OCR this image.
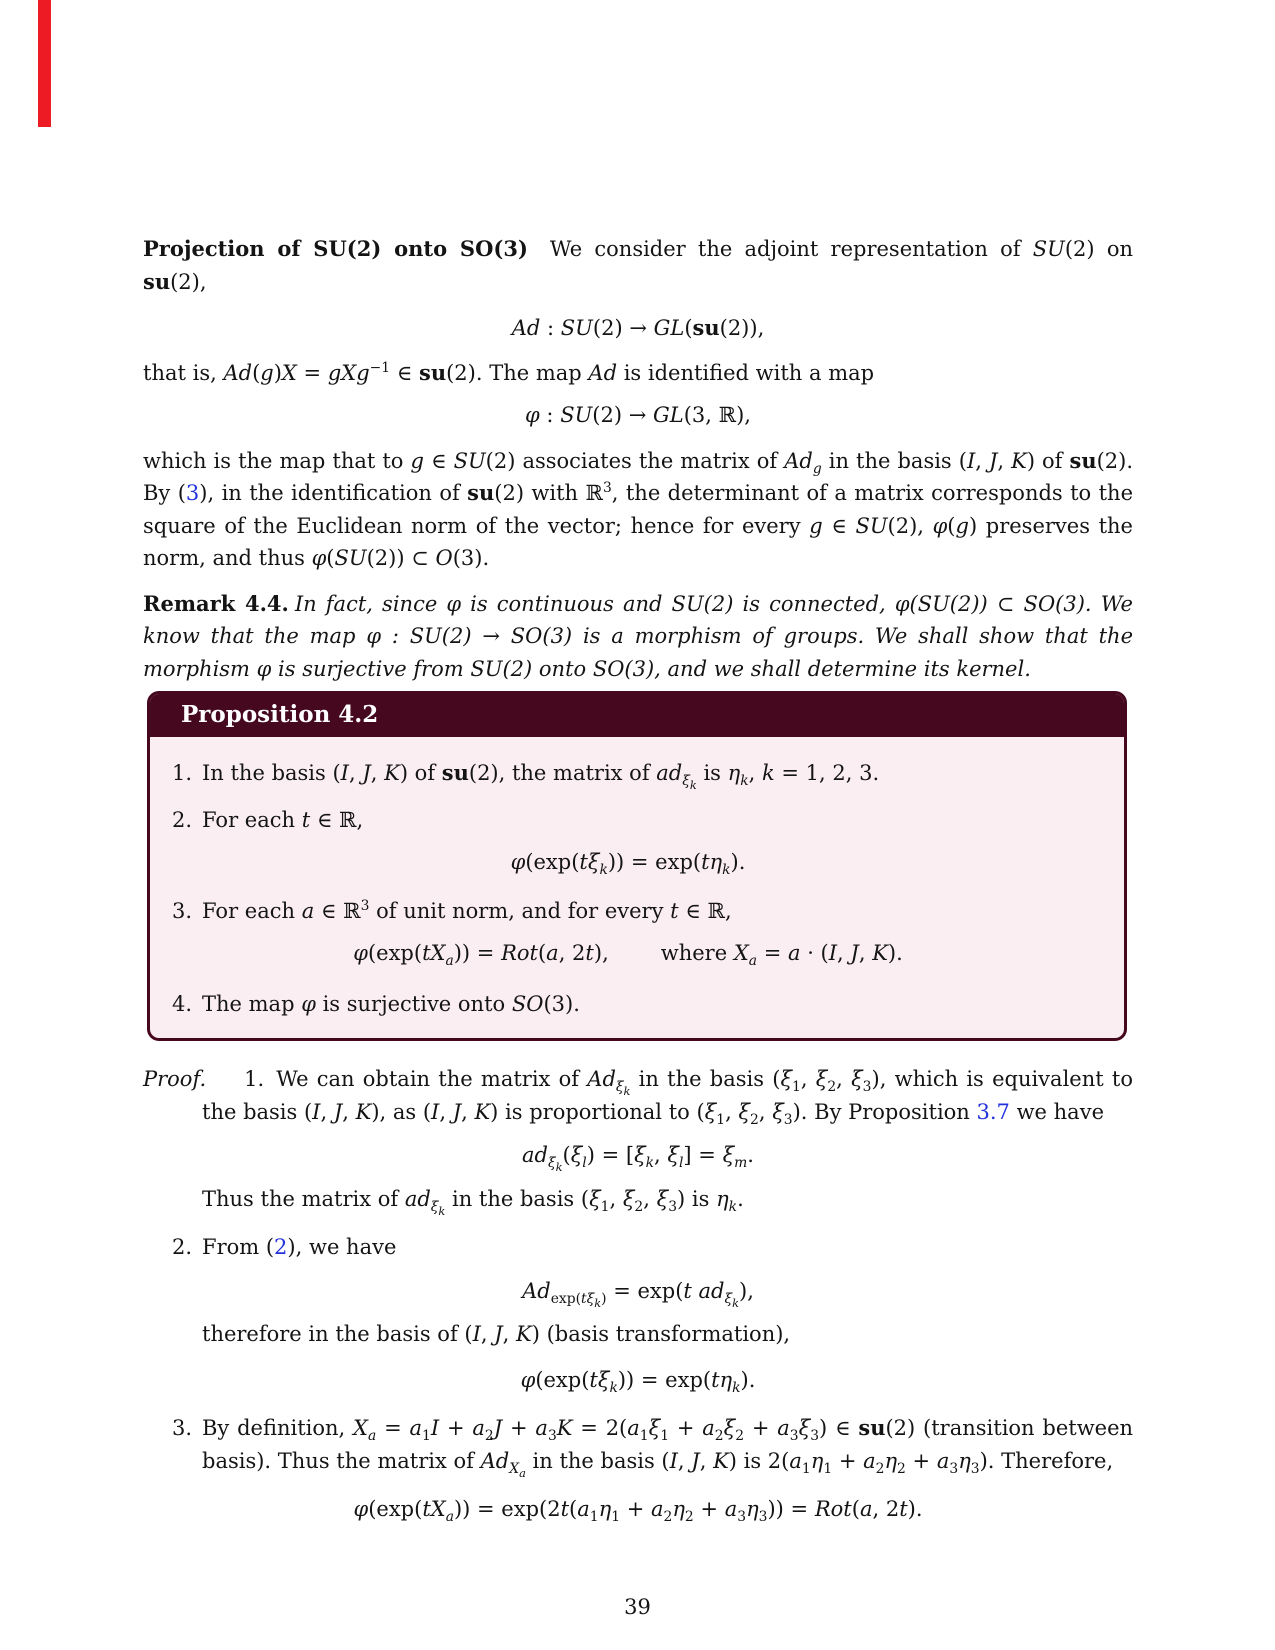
Projection of SU(2) onto SO(3) We consider the adjoint representation of SU(2) on su(2),

Ad : SU(2) → GL(su(2)),

that is, Ad(g)X = gXg$^{-1}$ ∈ su(2). The map Ad is identified with a map

φ : SU(2) → GL(3, ℝ),

which is the map that to g ∈ SU(2) associates the matrix of $Ad_g$ in the basis (I, J, K) of su(2). By (3), in the identification of su(2) with ℝ$^3$, the determinant of a matrix corresponds to the square of the Euclidean norm of the vector; hence for every g ∈ SU(2), φ(g) preserves the norm, and thus φ(SU(2)) ⊂ O(3).

Remark 4.4. In fact, since φ is continuous and SU(2) is connected, φ(SU(2)) ⊂ SO(3). We know that the map φ : SU(2) → SO(3) is a morphism of groups. We shall show that the morphism φ is surjective from SU(2) onto SO(3), and we shall determine its kernel.

Proposition 4.2

1. In the basis (I, J, K) of su(2), the matrix of $ad_{\xi_k}$ is $\eta_k$, k = 1, 2, 3.

2. For each t ∈ ℝ,

$\varphi(\exp(t\xi_k)) = \exp(t\eta_k)$.

3. For each a ∈ ℝ$^3$ of unit norm, and for every t ∈ ℝ,

$\varphi(\exp(tX_a)) = Rot(a$, 2t), where $X_a = a \cdot (I$, J, K).

4. The map φ is surjective onto SO(3).

Proof. 1. We can obtain the matrix of $Ad_{\xi_k}$ in the basis ($\xi_1$, $\xi_2$, $\xi_3$), which is equivalent to the basis (I, J, K), as (I, J, K) is proportional to ($\xi_1$, $\xi_2$, $\xi_3$). By Proposition 3.7 we have

$ad_{\xi_k}(\xi_l) = [\xi_k$, $\xi_l] = \xi_m$.

Thus the matrix of $ad_{\xi_k}$ in the basis ($\xi_1$, $\xi_2$, $\xi_3$) is $\eta_k$.

2. From (2), we have

$Ad_{exp(t\xi_k)} = \exp(t$ $ad_{\xi_k}$),

therefore in the basis of (I, J, K) (basis transformation),

$\varphi(\exp(t\xi_k)) = \exp(t\eta_k)$.

3. By definition, $X_a = a_1I + a_2J + a_3K = 2(a_1\xi_1 + a_2\xi_2 + a_3\xi_3)$ ∈ su(2) (transition between basis). Thus the matrix of $Ad_{X_a}$ in the basis (I, J, K) is $2(a_1\eta_1 + a_2\eta_2 + a_3\eta_3)$. Therefore,

$\varphi(\exp(tX_a)) = \exp(2t(a_1\eta_1 + a_2\eta_2 + a_3\eta_3)) = Rot(a$, 2t).

39
